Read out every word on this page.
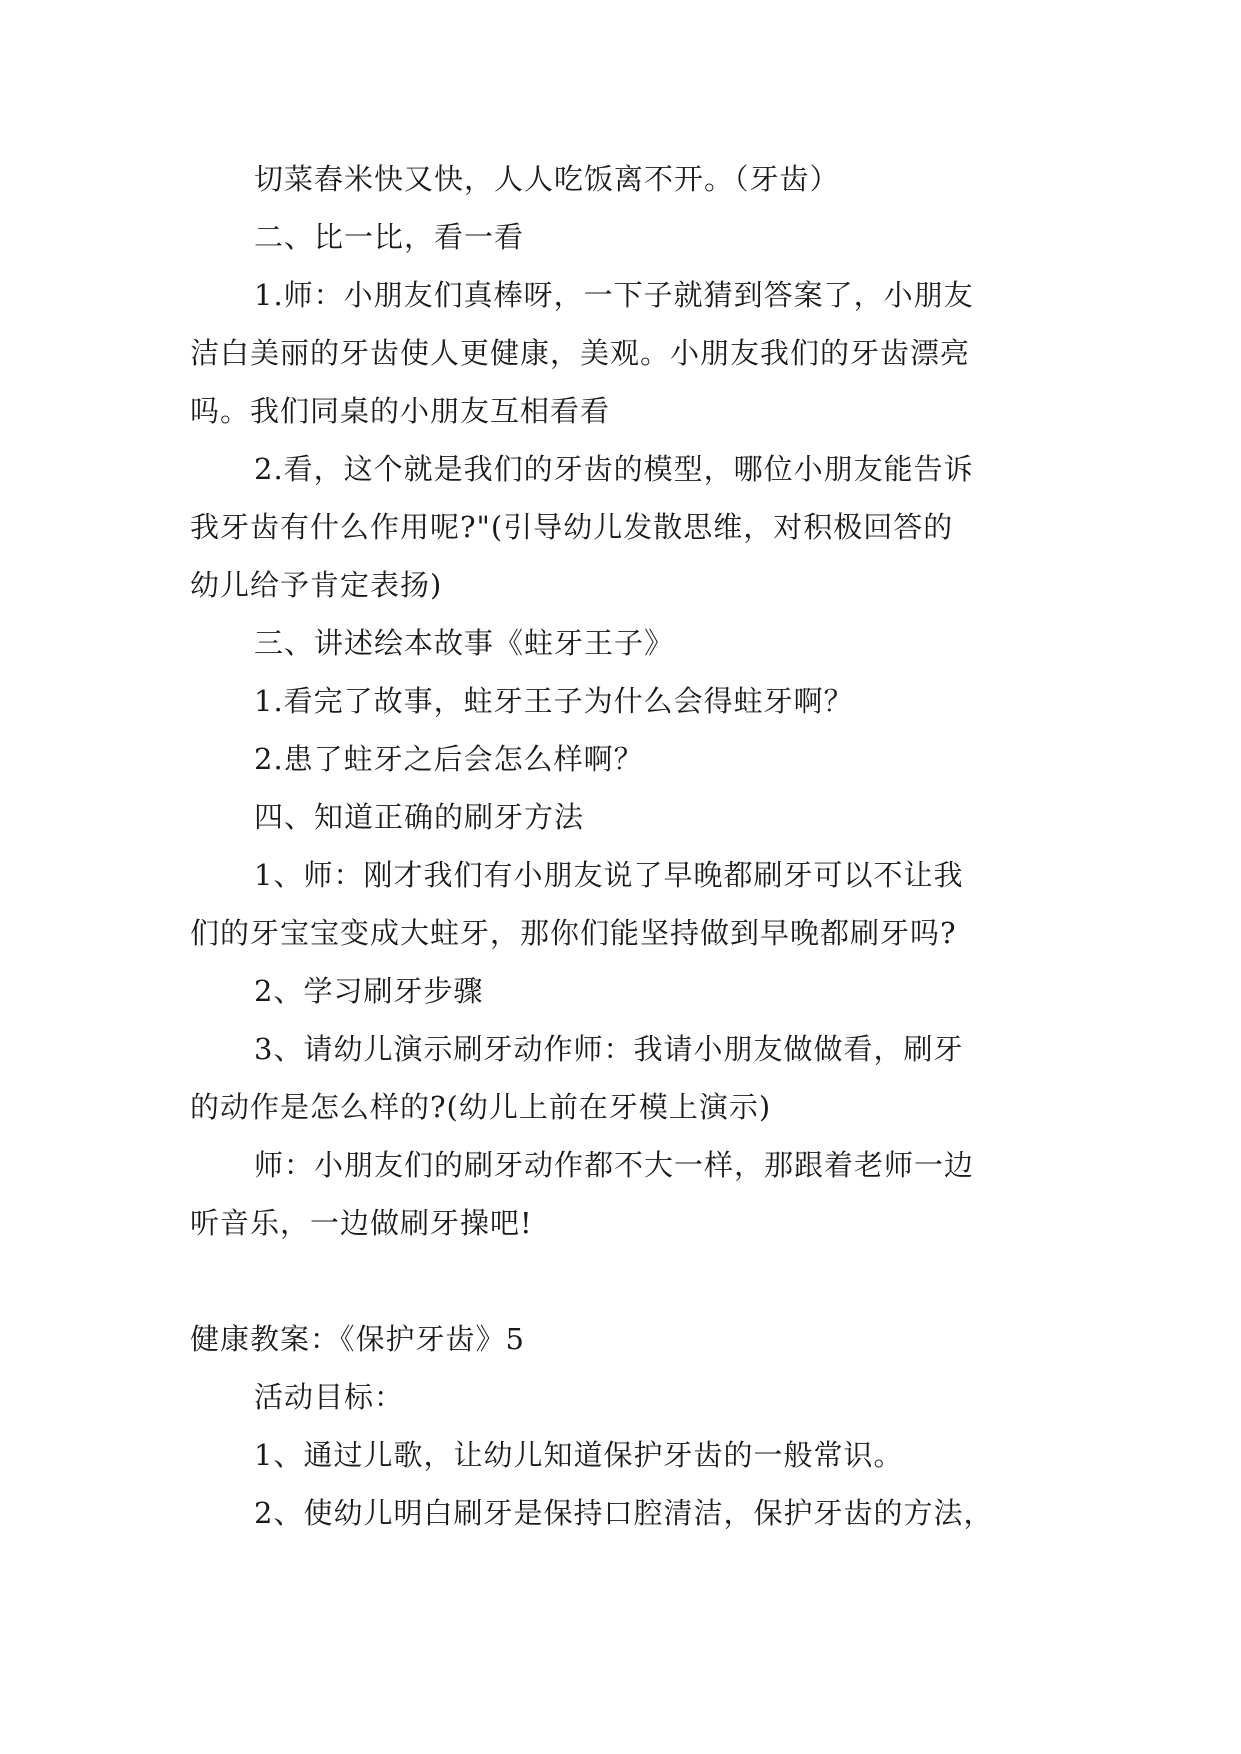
切菜舂米快又快，人人吃饭离不开。（牙齿）
二、比一比，看一看
1.师：小朋友们真棒呀，一下子就猜到答案了，小朋友
洁白美丽的牙齿使人更健康，美观。小朋友我们的牙齿漂亮
吗。我们同桌的小朋友互相看看
2.看，这个就是我们的牙齿的模型，哪位小朋友能告诉
我牙齿有什么作用呢?"(引导幼儿发散思维，对积极回答的
幼儿给予肯定表扬)
三、讲述绘本故事《蛀牙王子》
1.看完了故事，蛀牙王子为什么会得蛀牙啊？
2.患了蛀牙之后会怎么样啊？
四、知道正确的刷牙方法
1、师：刚才我们有小朋友说了早晚都刷牙可以不让我
们的牙宝宝变成大蛀牙，那你们能坚持做到早晚都刷牙吗?
2、学习刷牙步骤
3、请幼儿演示刷牙动作师：我请小朋友做做看，刷牙
的动作是怎么样的?(幼儿上前在牙模上演示)
师：小朋友们的刷牙动作都不大一样，那跟着老师一边
听音乐，一边做刷牙操吧!
健康教案：《保护牙齿》5
活动目标：
1、通过儿歌，让幼儿知道保护牙齿的一般常识。
2、使幼儿明白刷牙是保持口腔清洁，保护牙齿的方法，
